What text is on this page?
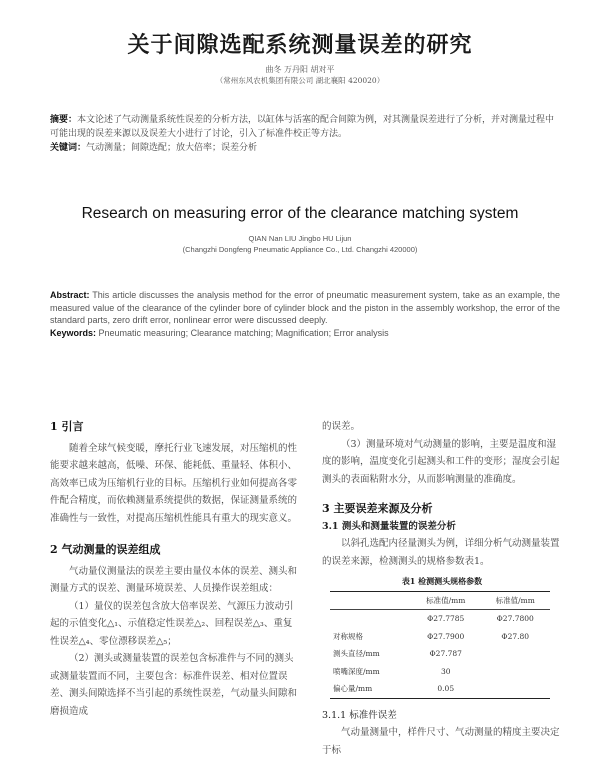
关于间隙选配系统测量误差的研究
曲冬 万丹阳 胡对平
（常州东风农机集团有限公司 湖北襄阳 420020）

摘要：本文论述了气动测量系统性误差的分析方法，以缸体与活塞的配合间隙为例，对其测量误差进行了分析，并对测量过程中可能出现的误差来源以及误差大小进行了讨论，引入了标准件校正等方法。

关键词：气动测量；间隙选配；放大倍率；误差分析

Research on measuring error of the clearance matching system
QIAN Nan LIU Jingbo HU Lijun
(Changzhi Dongfeng Pneumatic Appliance Co., Ltd. Changzhi 420000)

Abstract: This article discusses the analysis method for the error of pneumatic measurement system, take as an example, the measured value of the clearance of the cylinder bore of cylinder block and the piston in the assembly workshop, the error of the standard parts, zero drift error, nonlinear error were discussed deeply.

Keywords: Pneumatic measuring; Clearance matching; Magnification; Error analysis

1 引言

随着全球气候变暖，摩托行业飞速发展，对压缩机的性能要求越来越高，低噪、环保、能耗低、重量轻、体积小、高效率已成为压缩机行业的目标。压缩机行业如何提高各零件配合精度，而依赖测量系统提供的数据，保证测量系统的准确性与一致性，对提高压缩机性能具有重大的现实意义。

2 气动测量的误差组成

气动量仪测量法的误差主要由量仪本体的误差、测头和测量方式的误差、测量环境误差、人员操作误差组成：

（1）量仪的误差包含放大倍率误差、气源压力波动引起的示值变化△₁、示值稳定性误差△₂、回程误差△₃、重复性误差△₄、零位漂移误差△₅；

（2）测头或测量装置的误差包含标准件与不同的测头或测量装置而不同，主要包含：标准件误差、相对位置误差、测头间隙选择不当引起的系统性误差，气动量头间隙和磨损造成

的误差。

（3）测量环境对气动测量的影响，主要是温度和湿度的影响，温度变化引起测头和工件的变形；湿度会引起测头的表面粘附水分，从而影响测量的准确度。

3 主要误差来源及分析
3.1 测头和测量装置的误差分析

以斜孔选配内径量测头为例，详细分析气动测量装置的误差来源，检测测头的规格参数表1。

表1 检测测头规格参数
	标准值/mm	标准值/mm
	Φ27.7785	Φ27.7800
对称规格	Φ27.7900	Φ27.80
测头直径/mm	Φ27.787	
喷嘴深度/mm	30	
偏心量/mm	0.05	
3.1.1 标准件误差

气动量测量中，样件尺寸、气动测量的精度主要决定于标
